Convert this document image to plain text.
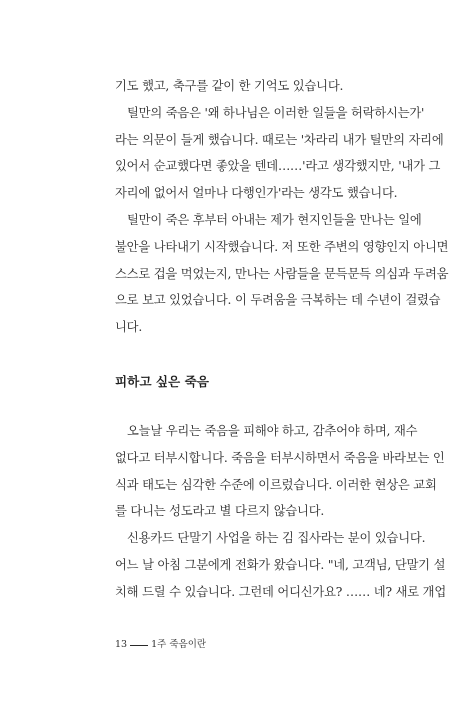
기도 했고, 축구를 같이 한 기억도 있습니다.
틸만의 죽음은 '왜 하나님은 이러한 일들을 허락하시는가'
라는 의문이 들게 했습니다. 때로는 '차라리 내가 틸만의 자리에
있어서 순교했다면 좋았을 텐데……'라고 생각했지만, '내가 그
자리에 없어서 얼마나 다행인가'라는 생각도 했습니다.
틸만이 죽은 후부터 아내는 제가 현지인들을 만나는 일에
불안을 나타내기 시작했습니다. 저 또한 주변의 영향인지 아니면
스스로 겁을 먹었는지, 만나는 사람들을 문득문득 의심과 두려움
으로 보고 있었습니다. 이 두려움을 극복하는 데 수년이 걸렸습
니다.
피하고 싶은 죽음
오늘날 우리는 죽음을 피해야 하고, 감추어야 하며, 재수
없다고 터부시합니다. 죽음을 터부시하면서 죽음을 바라보는 인
식과 태도는 심각한 수준에 이르렀습니다. 이러한 현상은 교회
를 다니는 성도라고 별 다르지 않습니다.
신용카드 단말기 사업을 하는 김 집사라는 분이 있습니다.
어느 날 아침 그분에게 전화가 왔습니다. "네, 고객님, 단말기 설
치해 드릴 수 있습니다. 그런데 어디신가요? …… 네? 새로 개업
13	1주 죽음이란
